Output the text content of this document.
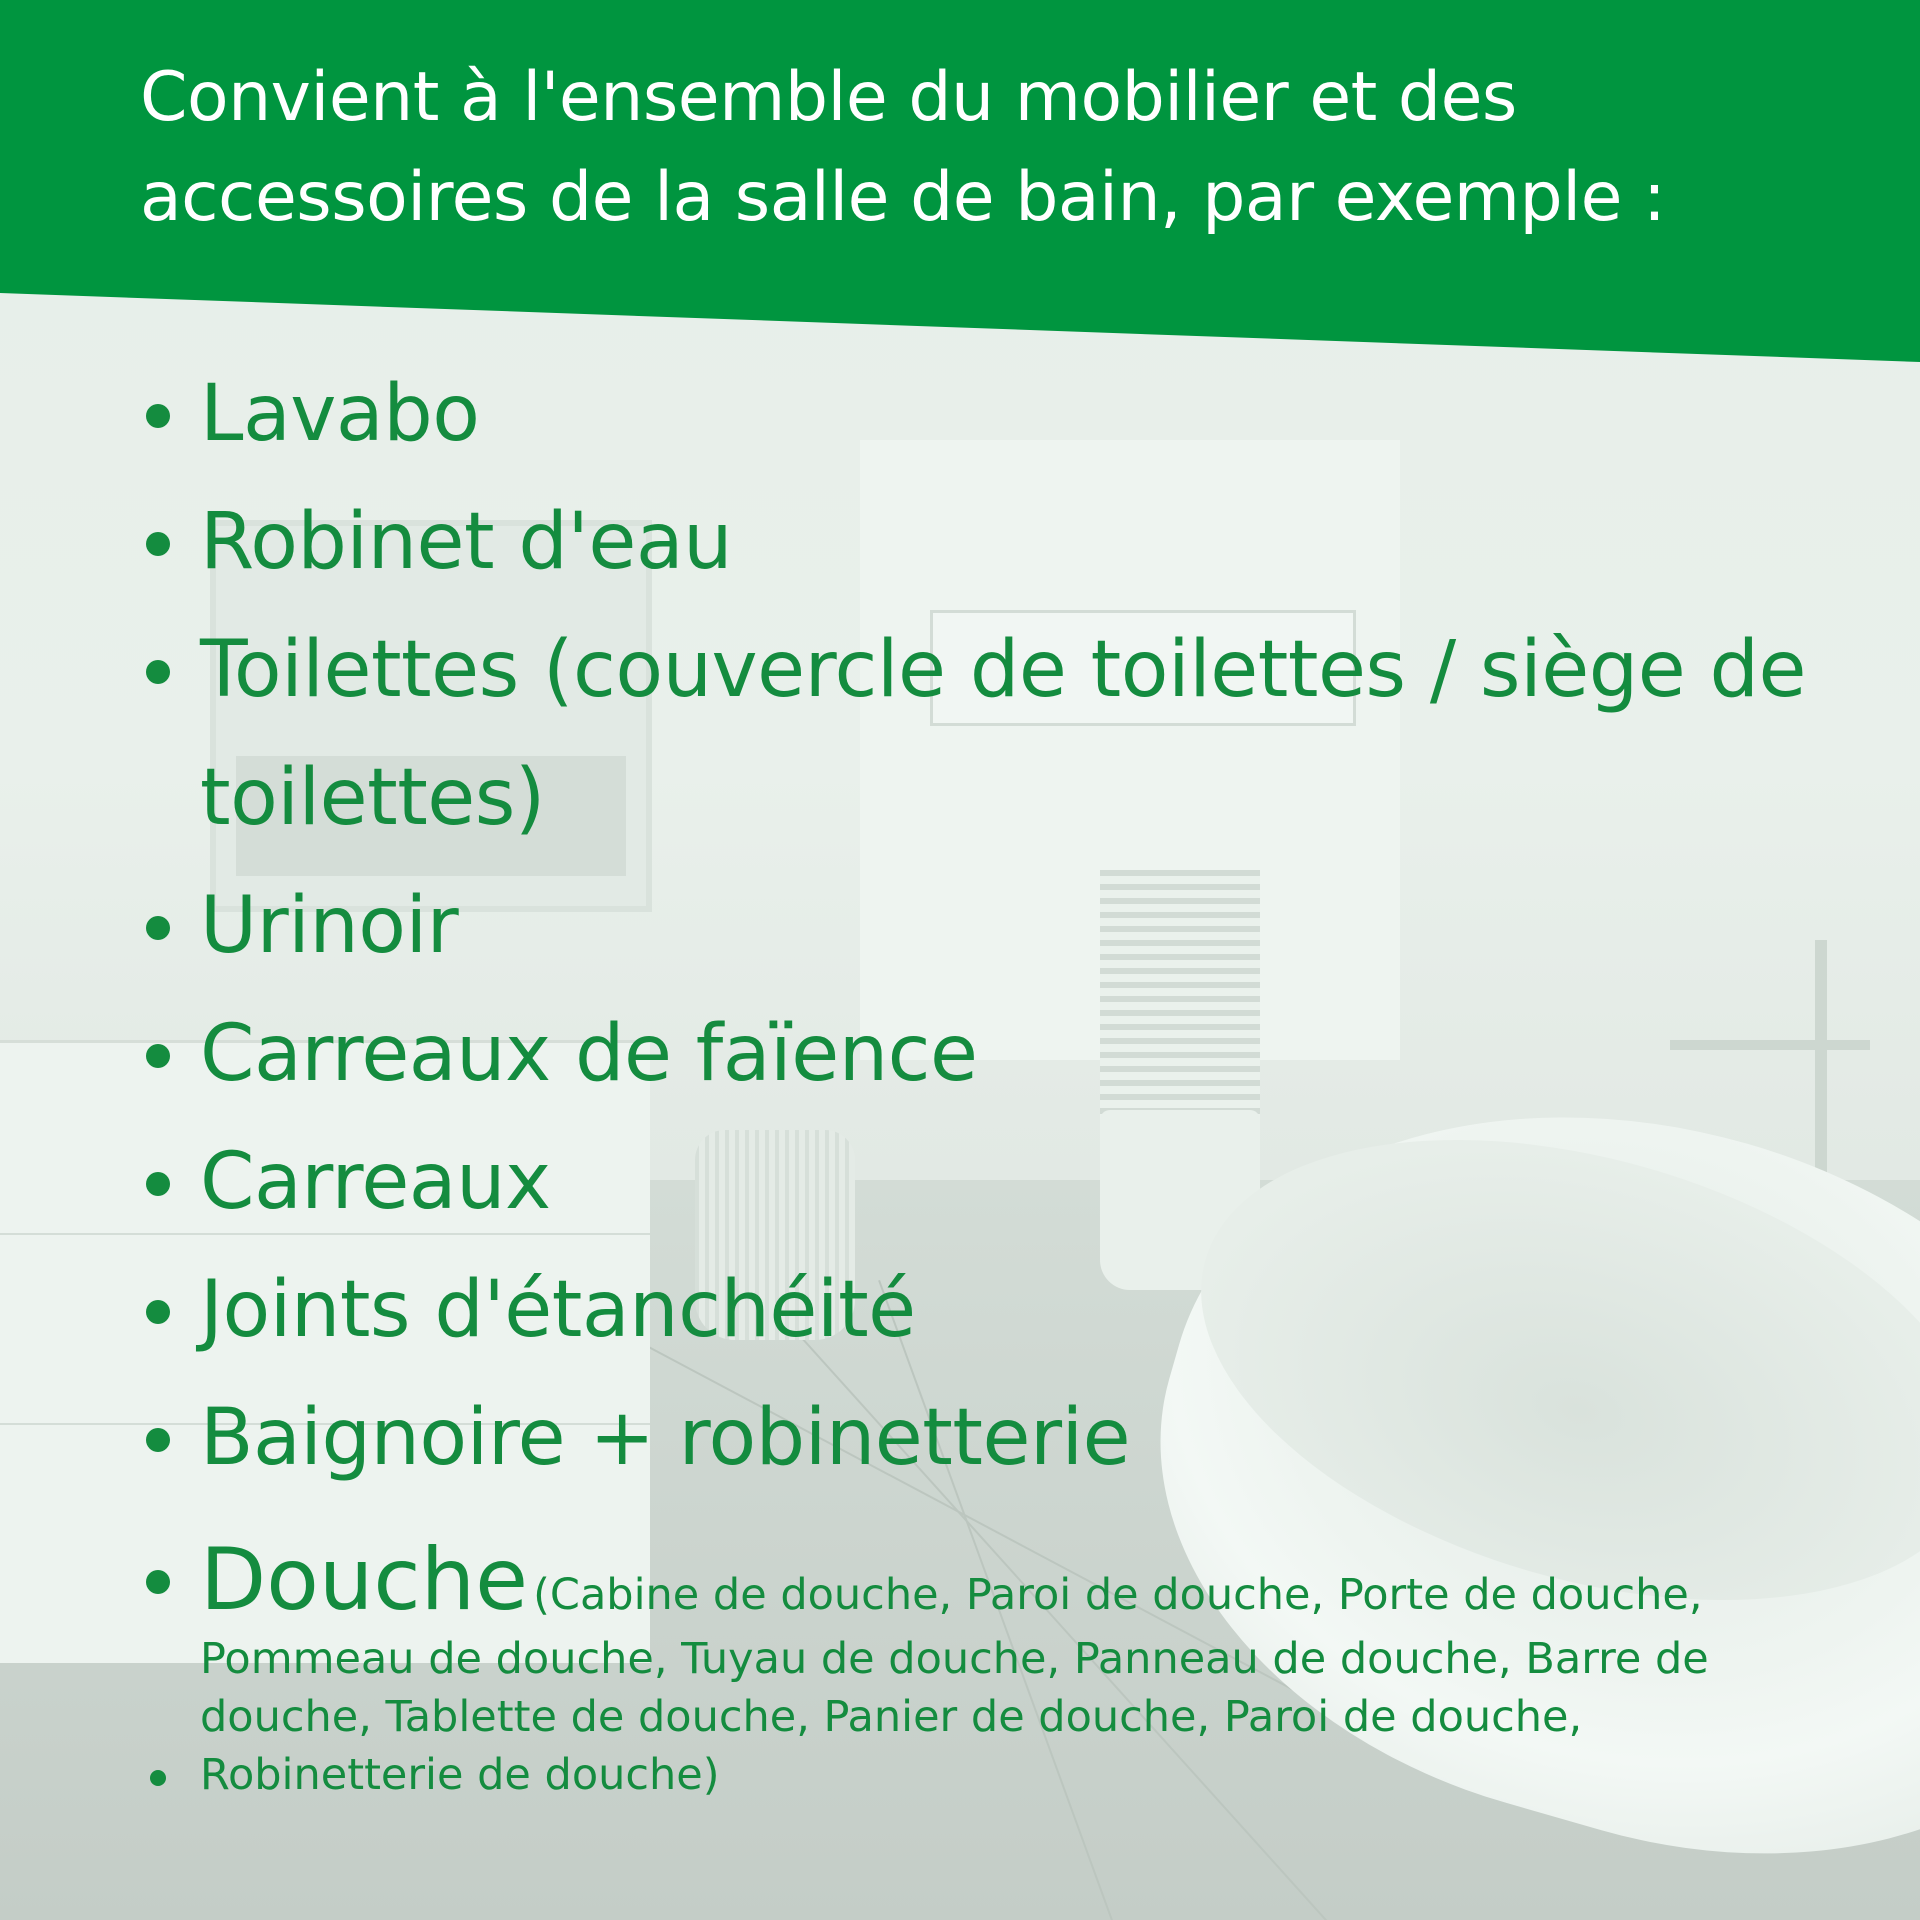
Convient à l'ensemble du mobilier et des accessoires de la salle de bain, par exemple :
Lavabo
Robinet d'eau
Toilettes (couvercle de toilettes / siège de toilettes)
Urinoir
Carreaux de faïence
Carreaux
Joints d'étanchéité
Baignoire + robinetterie
Douche (Cabine de douche, Paroi de douche, Porte de douche, Pommeau de douche, Tuyau de douche, Panneau de douche, Barre de douche, Tablette de douche, Panier de douche, Paroi de douche, Robinetterie de douche)
